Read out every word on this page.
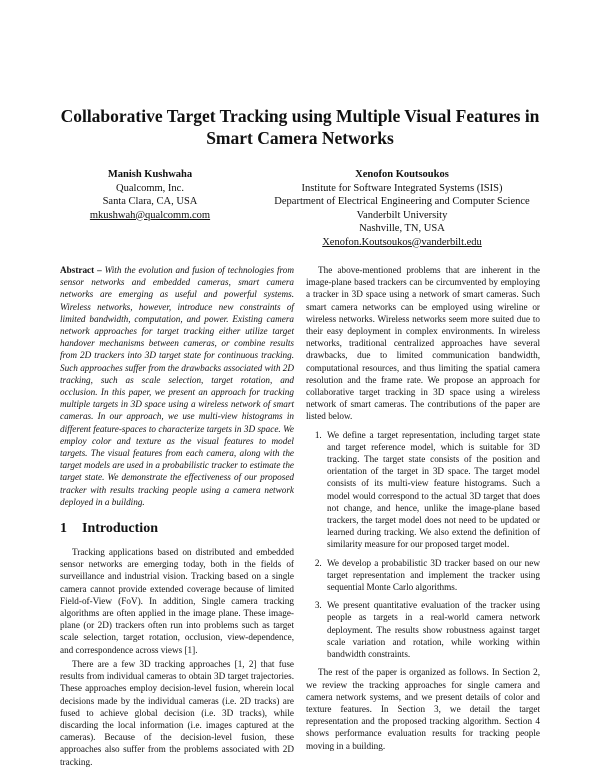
Collaborative Target Tracking using Multiple Visual Features in Smart Camera Networks
Manish Kushwaha
Qualcomm, Inc.
Santa Clara, CA, USA
mkushwah@qualcomm.com
Xenofon Koutsoukos
Institute for Software Integrated Systems (ISIS)
Department of Electrical Engineering and Computer Science
Vanderbilt University
Nashville, TN, USA
Xenofon.Koutsoukos@vanderbilt.edu

Abstract – With the evolution and fusion of technologies from sensor networks and embedded cameras, smart camera networks are emerging as useful and powerful systems. Wireless networks, however, introduce new constraints of limited bandwidth, computation, and power. Existing camera network approaches for target tracking either utilize target handover mechanisms between cameras, or combine results from 2D trackers into 3D target state for continuous tracking. Such approaches suffer from the drawbacks associated with 2D tracking, such as scale selection, target rotation, and occlusion. In this paper, we present an approach for tracking multiple targets in 3D space using a wireless network of smart cameras. In our approach, we use multi-view histograms in different feature-spaces to characterize targets in 3D space. We employ color and texture as the visual features to model targets. The visual features from each camera, along with the target models are used in a probabilistic tracker to estimate the target state. We demonstrate the effectiveness of our proposed tracker with results tracking people using a camera network deployed in a building.

1 Introduction

Tracking applications based on distributed and embedded sensor networks are emerging today, both in the fields of surveillance and industrial vision. Tracking based on a single camera cannot provide extended coverage because of limited Field-of-View (FoV). In addition, Single camera tracking algorithms are often applied in the image plane. These image-plane (or 2D) trackers often run into problems such as target scale selection, target rotation, occlusion, view-dependence, and correspondence across views [1].

There are a few 3D tracking approaches [1, 2] that fuse results from individual cameras to obtain 3D target trajectories. These approaches employ decision-level fusion, wherein local decisions made by the individual cameras (i.e. 2D tracks) are fused to achieve global decision (i.e. 3D tracks), while discarding the local information (i.e. images captured at the cameras). Because of the decision-level fusion, these approaches also suffer from the problems associated with 2D tracking.

The above-mentioned problems that are inherent in the image-plane based trackers can be circumvented by employing a tracker in 3D space using a network of smart cameras. Such smart camera networks can be employed using wireline or wireless networks. Wireless networks seem more suited due to their easy deployment in complex environments. In wireless networks, traditional centralized approaches have several drawbacks, due to limited communication bandwidth, computational resources, and thus limiting the spatial camera resolution and the frame rate. We propose an approach for collaborative target tracking in 3D space using a wireless network of smart cameras. The contributions of the paper are listed below.

1. We define a target representation, including target state and target reference model, which is suitable for 3D tracking. The target state consists of the position and orientation of the target in 3D space. The target model consists of its multi-view feature histograms. Such a model would correspond to the actual 3D target that does not change, and hence, unlike the image-plane based trackers, the target model does not need to be updated or learned during tracking. We also extend the definition of similarity measure for our proposed target model.
2. We develop a probabilistic 3D tracker based on our new target representation and implement the tracker using sequential Monte Carlo algorithms.
3. We present quantitative evaluation of the tracker using people as targets in a real-world camera network deployment. The results show robustness against target scale variation and rotation, while working within bandwidth constraints.

The rest of the paper is organized as follows. In Section 2, we review the tracking approaches for single camera and camera network systems, and we present details of color and texture features. In Section 3, we detail the target representation and the proposed tracking algorithm. Section 4 shows performance evaluation results for tracking people moving in a building.
